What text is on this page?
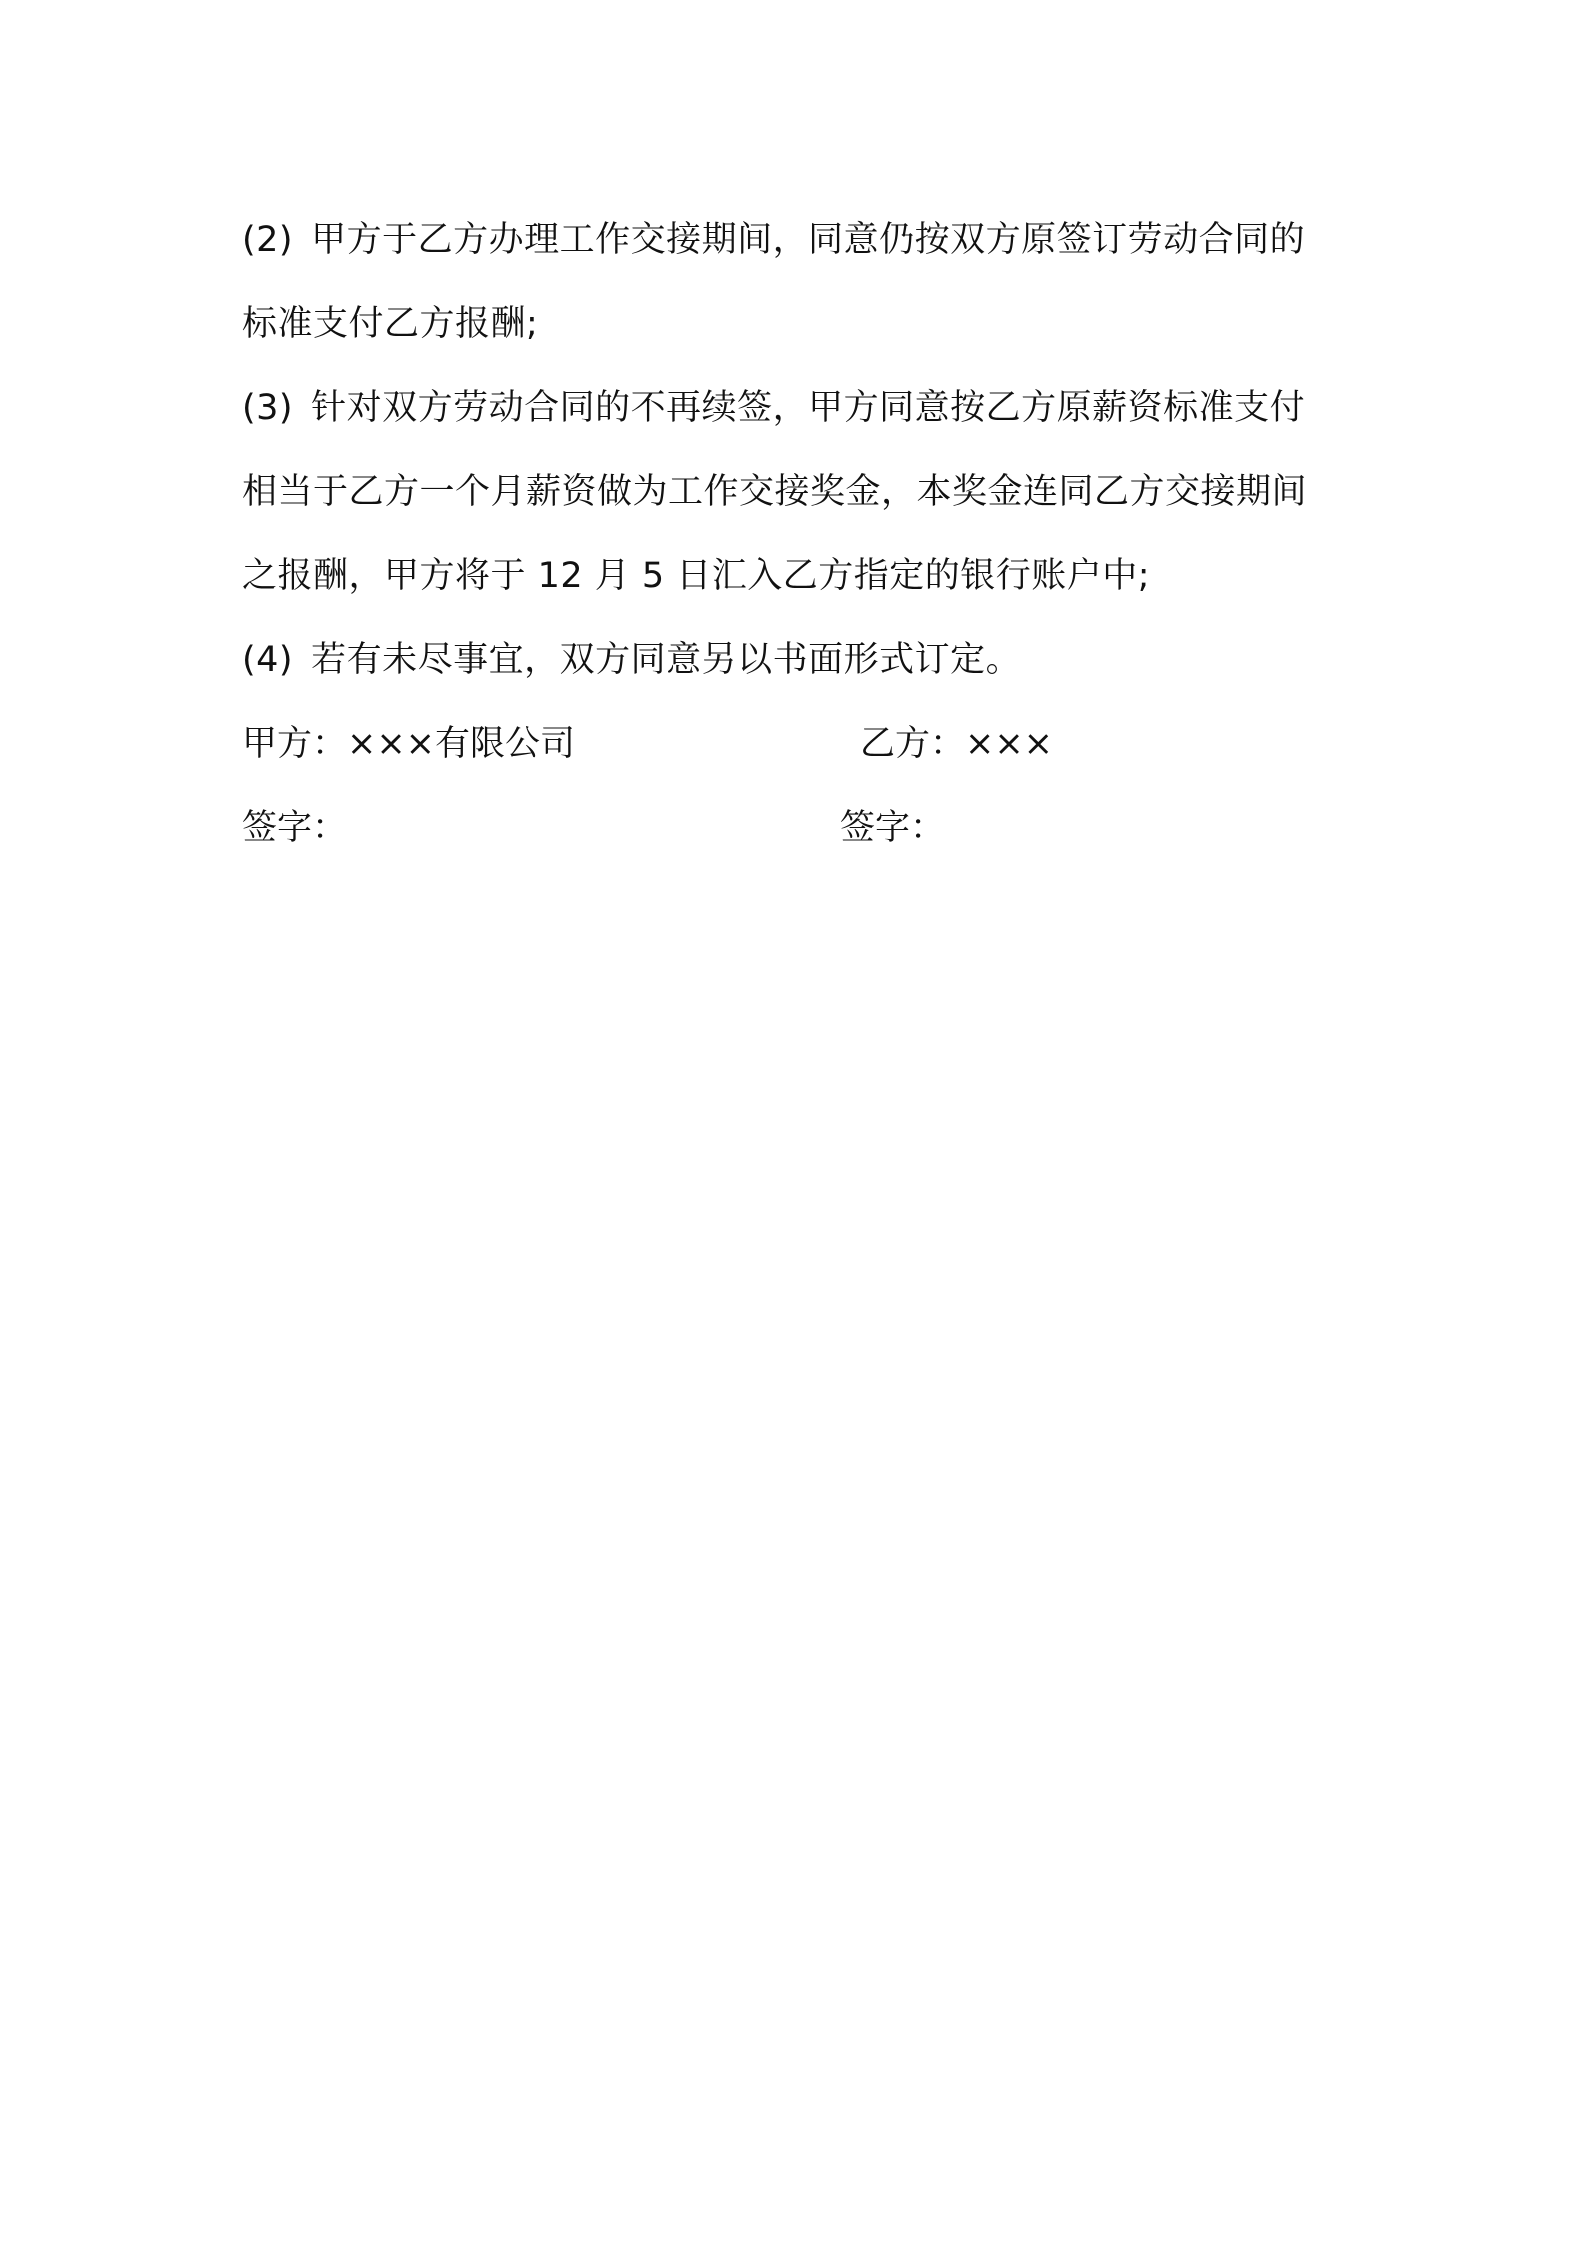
(2) 甲方于乙方办理工作交接期间，同意仍按双方原签订劳动合同的
标准支付乙方报酬;
(3) 针对双方劳动合同的不再续签，甲方同意按乙方原薪资标准支付
相当于乙方一个月薪资做为工作交接奖金，本奖金连同乙方交接期间
之报酬，甲方将于 12 月 5 日汇入乙方指定的银行账户中;
(4) 若有未尽事宜，双方同意另以书面形式订定。
甲方：×××有限公司	乙方：×××
签字：	签字：
